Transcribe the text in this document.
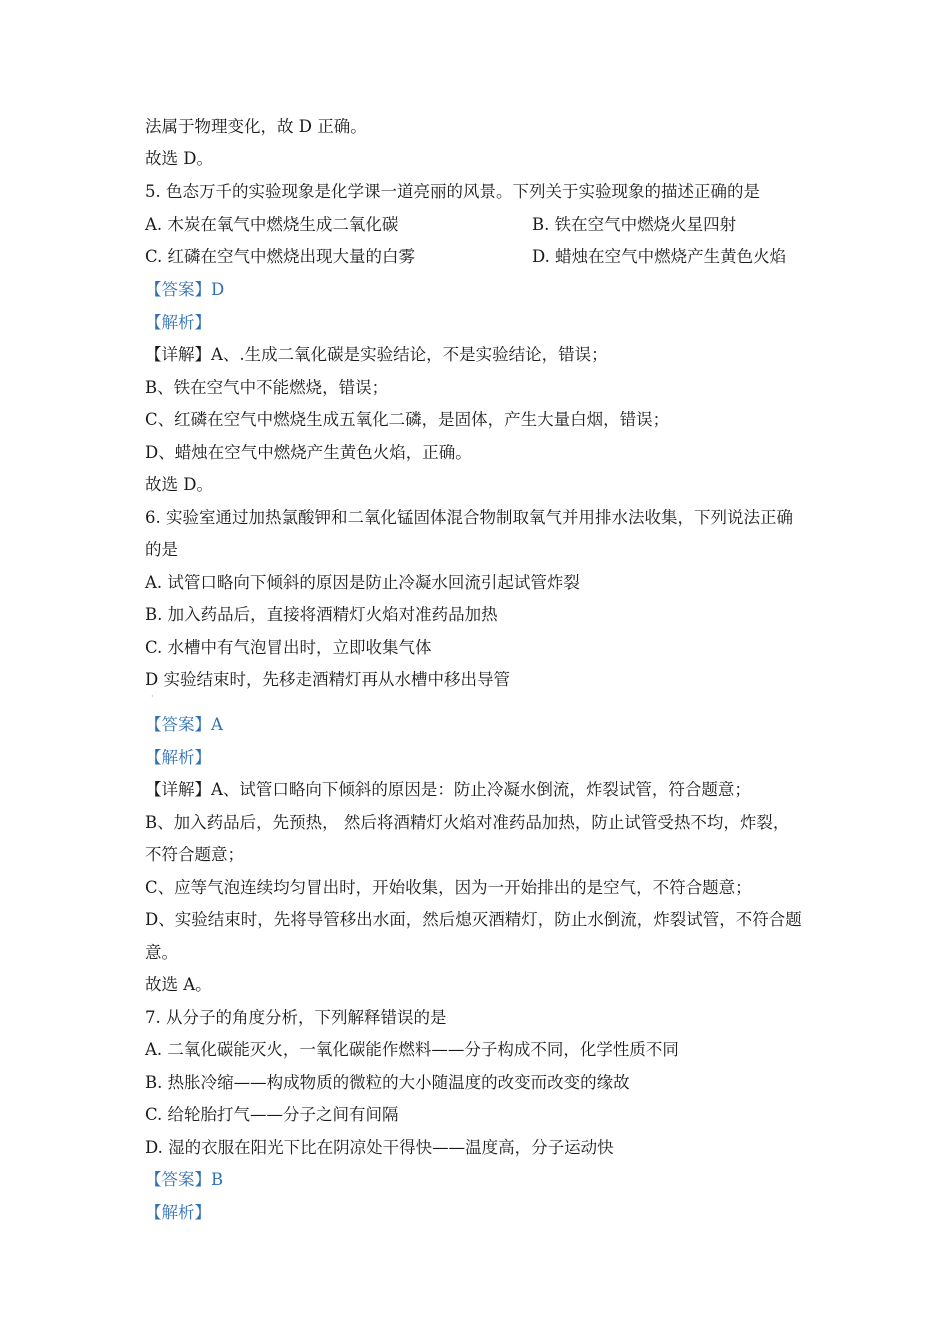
法属于物理变化，故 D 正确。
故选 D。
5. 色态万千的实验现象是化学课一道亮丽的风景。下列关于实验现象的描述正确的是
A. 木炭在氧气中燃烧生成二氧化碳	B. 铁在空气中燃烧火星四射
C. 红磷在空气中燃烧出现大量的白雾	D. 蜡烛在空气中燃烧产生黄色火焰
【答案】D
【解析】
【详解】A、.生成二氧化碳是实验结论，不是实验结论，错误；
B、铁在空气中不能燃烧，错误；
C、红磷在空气中燃烧生成五氧化二磷，是固体，产生大量白烟，错误；
D、蜡烛在空气中燃烧产生黄色火焰，正确。
故选 D。
6. 实验室通过加热氯酸钾和二氧化锰固体混合物制取氧气并用排水法收集，下列说法正确
的是
A. 试管口略向下倾斜的原因是防止冷凝水回流引起试管炸裂
B. 加入药品后，直接将酒精灯火焰对准药品加热
C. 水槽中有气泡冒出时，立即收集气体
D 实验结束时，先移走酒精灯再从水槽中移出导管
·
【答案】A
【解析】
【详解】A、试管口略向下倾斜的原因是：防止冷凝水倒流，炸裂试管，符合题意；
B、加入药品后，先预热， 然后将酒精灯火焰对准药品加热，防止试管受热不均，炸裂，
不符合题意；
C、应等气泡连续均匀冒出时，开始收集，因为一开始排出的是空气，不符合题意；
D、实验结束时，先将导管移出水面，然后熄灭酒精灯，防止水倒流，炸裂试管，不符合题
意。
故选 A。
7. 从分子的角度分析，下列解释错误的是
A. 二氧化碳能灭火，一氧化碳能作燃料——分子构成不同，化学性质不同
B. 热胀冷缩——构成物质的微粒的大小随温度的改变而改变的缘故
C. 给轮胎打气——分子之间有间隔
D. 湿的衣服在阳光下比在阴凉处干得快——温度高，分子运动快
【答案】B
【解析】
